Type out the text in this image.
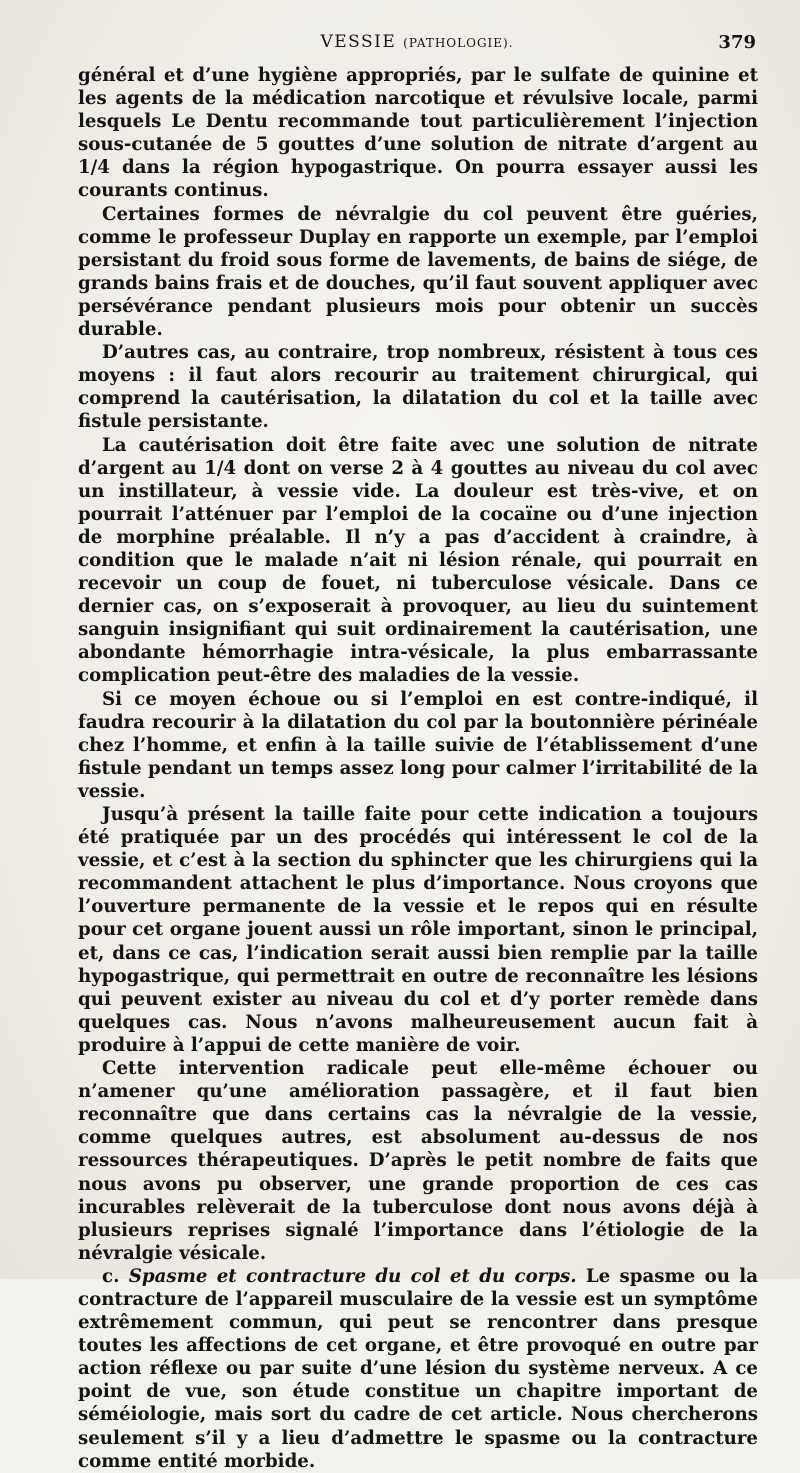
VESSIE (PATHOLOGIE).	379

général et d’une hygiène appropriés, par le sulfate de quinine et les agents de la médication narcotique et révulsive locale, parmi lesquels Le Dentu recommande tout particulièrement l’injection sous-cutanée de 5 gouttes d’une solution de nitrate d’argent au 1/4 dans la région hypogastrique. On pourra essayer aussi les courants continus.

Certaines formes de névralgie du col peuvent être guéries, comme le professeur Duplay en rapporte un exemple, par l’emploi persistant du froid sous forme de lavements, de bains de siége, de grands bains frais et de douches, qu’il faut souvent appliquer avec persévérance pendant plusieurs mois pour obtenir un succès durable.

D’autres cas, au contraire, trop nombreux, résistent à tous ces moyens : il faut alors recourir au traitement chirurgical, qui comprend la cautérisation, la dilatation du col et la taille avec fistule persistante.

La cautérisation doit être faite avec une solution de nitrate d’argent au 1/4 dont on verse 2 à 4 gouttes au niveau du col avec un instillateur, à vessie vide. La douleur est très-vive, et on pourrait l’atténuer par l’emploi de la cocaïne ou d’une injection de morphine préalable. Il n’y a pas d’accident à craindre, à condition que le malade n’ait ni lésion rénale, qui pourrait en recevoir un coup de fouet, ni tuberculose vésicale. Dans ce dernier cas, on s’exposerait à provoquer, au lieu du suintement sanguin insignifiant qui suit ordinairement la cautérisation, une abondante hémorrhagie intra-vésicale, la plus embarrassante complication peut-être des maladies de la vessie.

Si ce moyen échoue ou si l’emploi en est contre-indiqué, il faudra recourir à la dilatation du col par la boutonnière périnéale chez l’homme, et enfin à la taille suivie de l’établissement d’une fistule pendant un temps assez long pour calmer l’irritabilité de la vessie.

Jusqu’à présent la taille faite pour cette indication a toujours été pratiquée par un des procédés qui intéressent le col de la vessie, et c’est à la section du sphincter que les chirurgiens qui la recommandent attachent le plus d’importance. Nous croyons que l’ouverture permanente de la vessie et le repos qui en résulte pour cet organe jouent aussi un rôle important, sinon le principal, et, dans ce cas, l’indication serait aussi bien remplie par la taille hypogastrique, qui permettrait en outre de reconnaître les lésions qui peuvent exister au niveau du col et d’y porter remède dans quelques cas. Nous n’avons malheureusement aucun fait à produire à l’appui de cette manière de voir.

Cette intervention radicale peut elle-même échouer ou n’amener qu’une amélioration passagère, et il faut bien reconnaître que dans certains cas la névralgie de la vessie, comme quelques autres, est absolument au-dessus de nos ressources thérapeutiques. D’après le petit nombre de faits que nous avons pu observer, une grande proportion de ces cas incurables relèverait de la tuberculose dont nous avons déjà à plusieurs reprises signalé l’importance dans l’étiologie de la névralgie vésicale.

c. Spasme et contracture du col et du corps. Le spasme ou la contracture de l’appareil musculaire de la vessie est un symptôme extrêmement commun, qui peut se rencontrer dans presque toutes les affections de cet organe, et être provoqué en outre par action réflexe ou par suite d’une lésion du système nerveux. A ce point de vue, son étude constitue un chapitre important de séméiologie, mais sort du cadre de cet article. Nous chercherons seulement s’il y a lieu d’admettre le spasme ou la contracture comme entité morbide.
